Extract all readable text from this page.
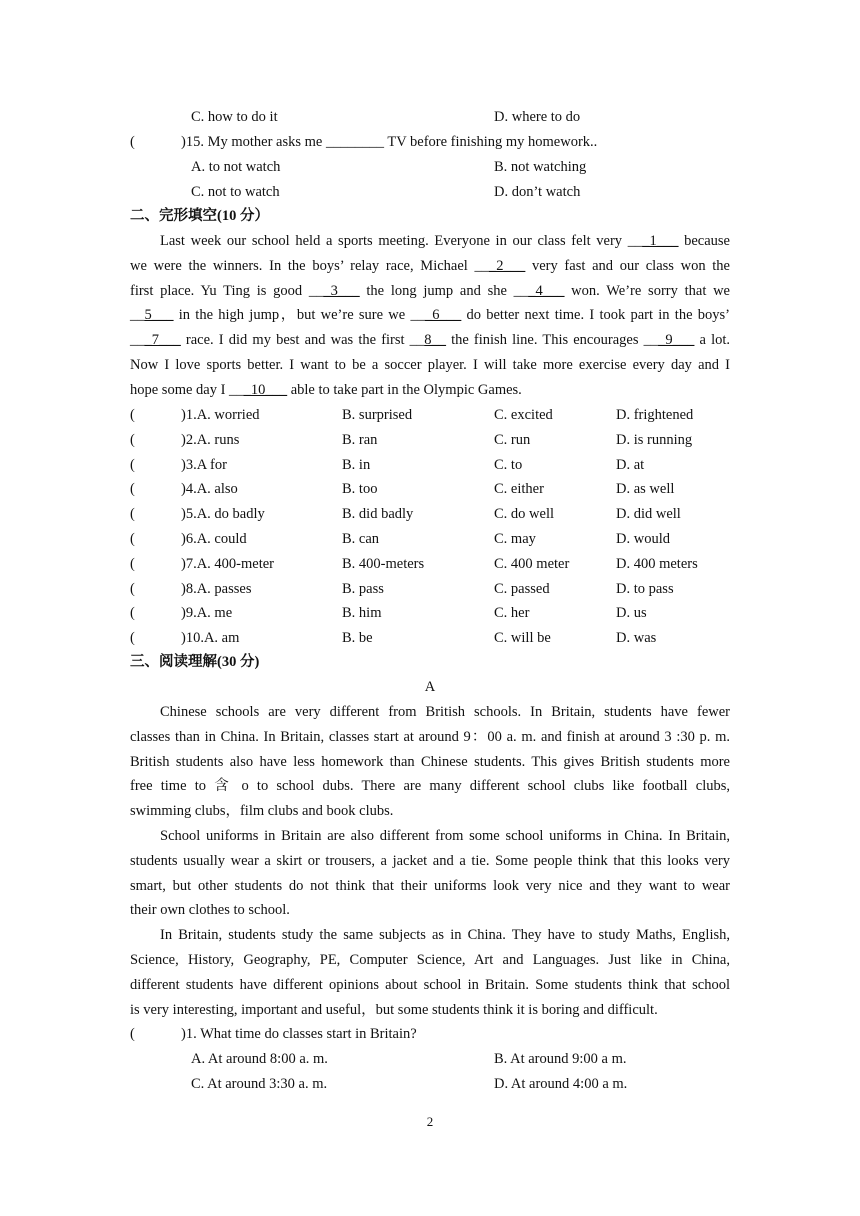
C. how to do it	D. where to do
(	)15. My mother asks me ________ TV before finishing my homework..
A. to not watch	B. not watching
C. not to watch	D. don’t watch
二、完形填空(10 分）
Last week our school held a sports meeting. Everyone in our class felt very ___1___ because
we were the winners. In the boys’ relay race, Michael ___2___ very fast and our class won the
first place. Yu Ting is good ___3___ the long jump and she ___4___ won. We’re sorry that we
__5___ in the high jump，but we’re sure we ___6___ do better next time. I took part in the boys’
___7___ race. I did my best and was the first __8__ the finish line. This encourages ___9___ a lot.
Now I love sports better. I want to be a soccer player. I will take more exercise every day and I
hope some day I ___10___ able to take part in the Olympic Games.
(	)1.A. worried	B. surprised	C. excited	D. frightened
(	)2.A. runs	B. ran	C. run	D. is running
(	)3.A for	B. in	C. to	D. at
(	)4.A. also	B. too	C. either	D. as well
(	)5.A. do badly	B. did badly	C. do well	D. did well
(	)6.A. could	B. can	C. may	D. would
(	)7.A. 400-meter	B. 400-meters	C. 400 meter	D. 400 meters
(	)8.A. passes	B. pass	C. passed	D. to pass
(	)9.A. me	B. him	C. her	D. us
(	)10.A. am	B. be	C. will be	D. was
三、阅读理解(30 分)
A
Chinese schools are very different from British schools. In Britain, students have fewer
classes than in China. In Britain, classes start at around 9：00 a. m. and finish at around 3 :30 p. m.
British students also have less homework than Chinese students. This gives British students more
free time to 含 o to school dubs. There are many different school clubs like football clubs,
swimming clubs，film clubs and book clubs.
School uniforms in Britain are also different from some school uniforms in China. In Britain,
students usually wear a skirt or trousers, a jacket and a tie. Some people think that this looks very
smart, but other students do not think that their uniforms look very nice and they want to wear
their own clothes to school.
In Britain, students study the same subjects as in China. They have to study Maths, English,
Science, History, Geography, PE, Computer Science, Art and Languages. Just like in China,
different students have different opinions about school in Britain. Some students think that school
is very interesting, important and useful，but some students think it is boring and difficult.
(	)1. What time do classes start in Britain?
A. At around 8:00 a. m.	B. At around 9:00 a m.
C. At around 3:30 a. m.	D. At around 4:00 a m.
2
